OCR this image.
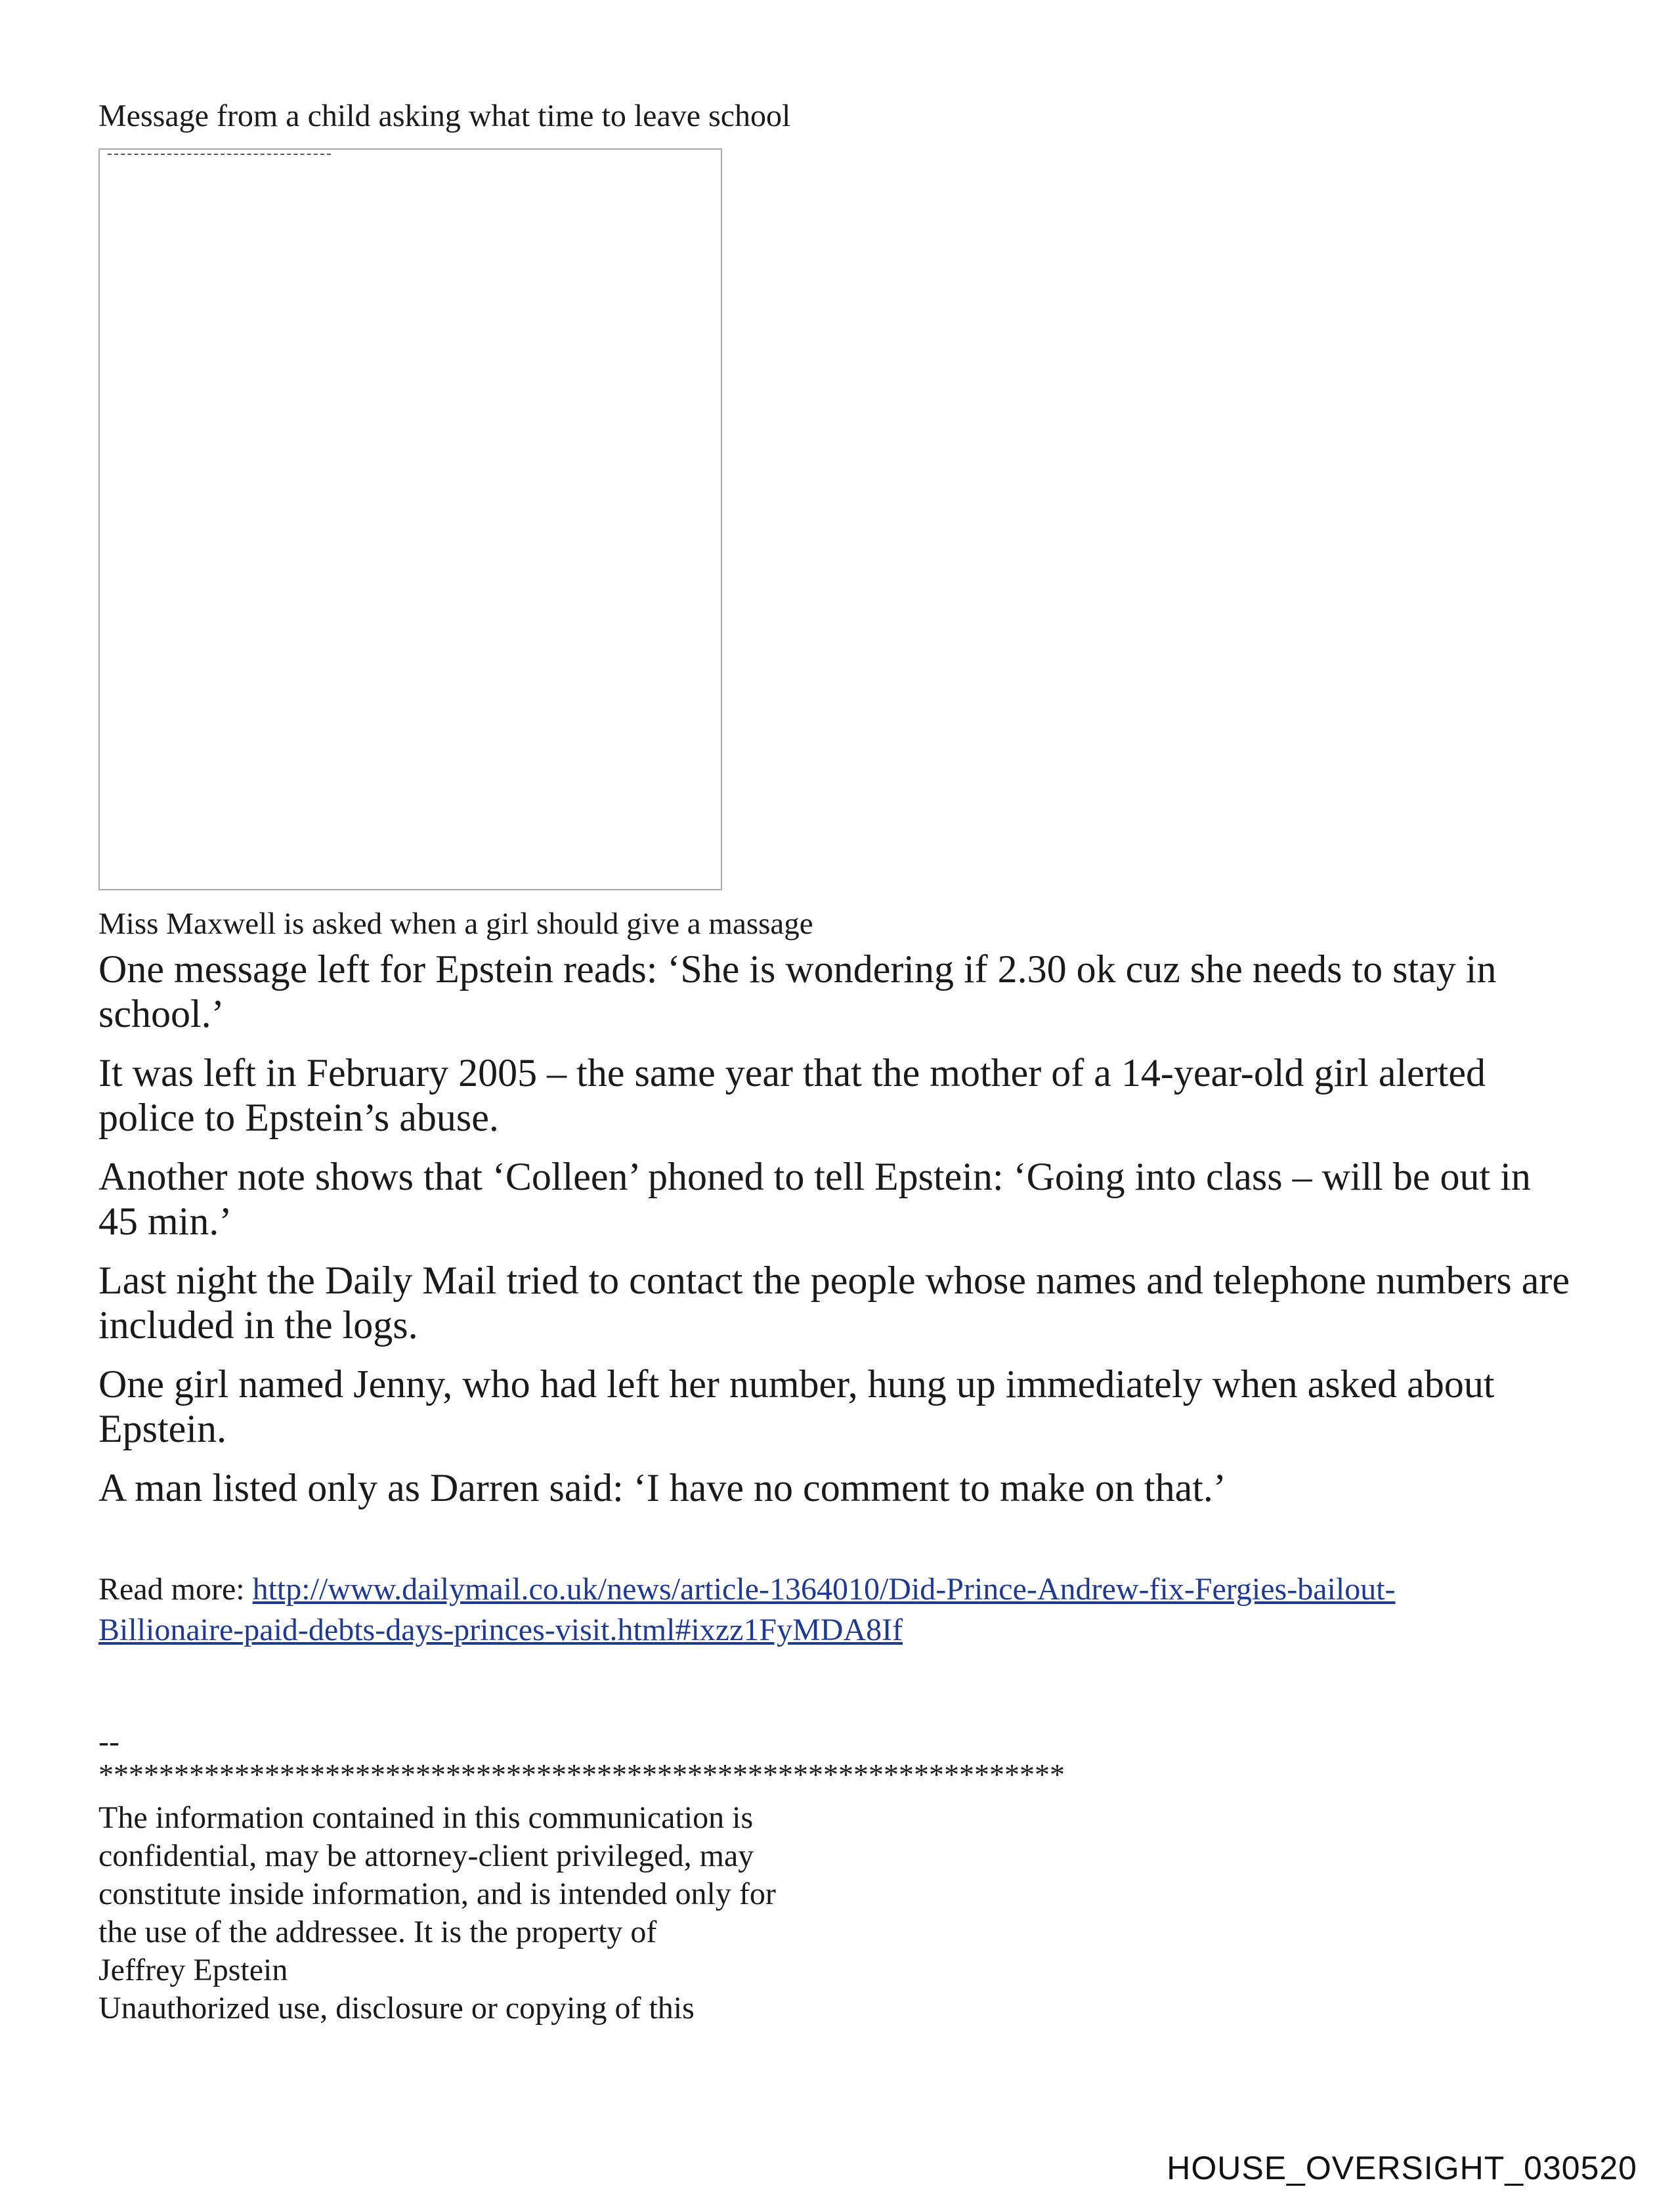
Message from a child asking what time to leave school
Miss Maxwell is asked when a girl should give a massage

One message left for Epstein reads: ‘She is wondering if 2.30 ok cuz she needs to stay in school.’

It was left in February 2005 – the same year that the mother of a 14-year-old girl alerted police to Epstein’s abuse.

Another note shows that ‘Colleen’ phoned to tell Epstein: ‘Going into class – will be out in 45 min.’

Last night the Daily Mail tried to contact the people whose names and telephone numbers are included in the logs.

One girl named Jenny, who had left her number, hung up immediately when asked about Epstein.

A man listed only as Darren said: ‘I have no comment to make on that.’

Read more: http://www.dailymail.co.uk/news/article-1364010/Did-Prince-Andrew-fix-Fergies-bailout-
Billionaire-paid-debts-days-princes-visit.html#ixzz1FyMDA8If
--
****************************************************************
The information contained in this communication is
confidential, may be attorney-client privileged, may
constitute inside information, and is intended only for
the use of the addressee. It is the property of
Jeffrey Epstein
Unauthorized use, disclosure or copying of this
HOUSE_OVERSIGHT_030520
